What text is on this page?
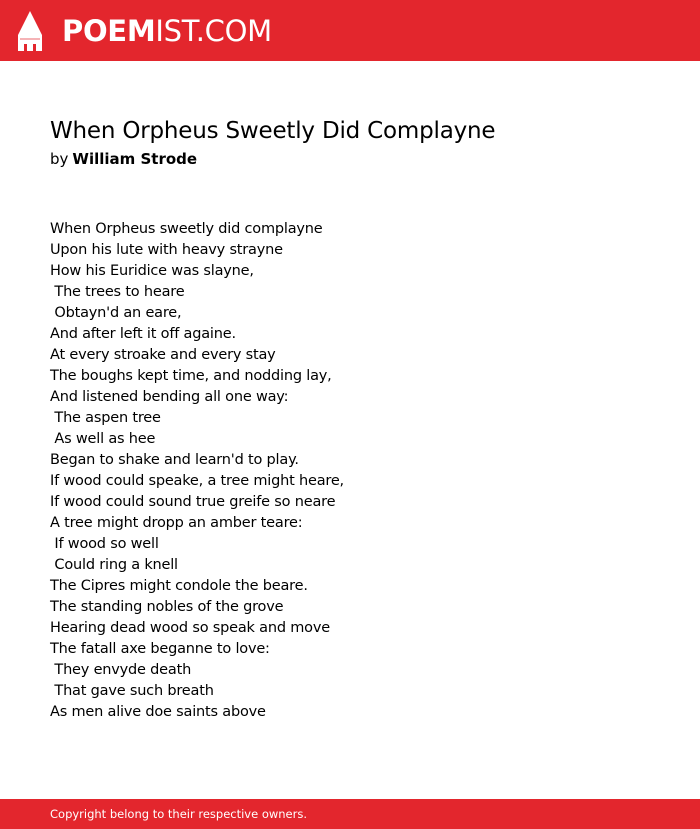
POEMIST.COM
When Orpheus Sweetly Did Complayne
by William Strode
When Orpheus sweetly did complayne
Upon his lute with heavy strayne
How his Euridice was slayne,
The trees to heare
Obtayn'd an eare,
And after left it off againe.
At every stroake and every stay
The boughs kept time, and nodding lay,
And listened bending all one way:
The aspen tree
As well as hee
Began to shake and learn'd to play.
If wood could speake, a tree might heare,
If wood could sound true greife so neare
A tree might dropp an amber teare:
If wood so well
Could ring a knell
The Cipres might condole the beare.
The standing nobles of the grove
Hearing dead wood so speak and move
The fatall axe beganne to love:
They envyde death
That gave such breath
As men alive doe saints above
Copyright belong to their respective owners.
